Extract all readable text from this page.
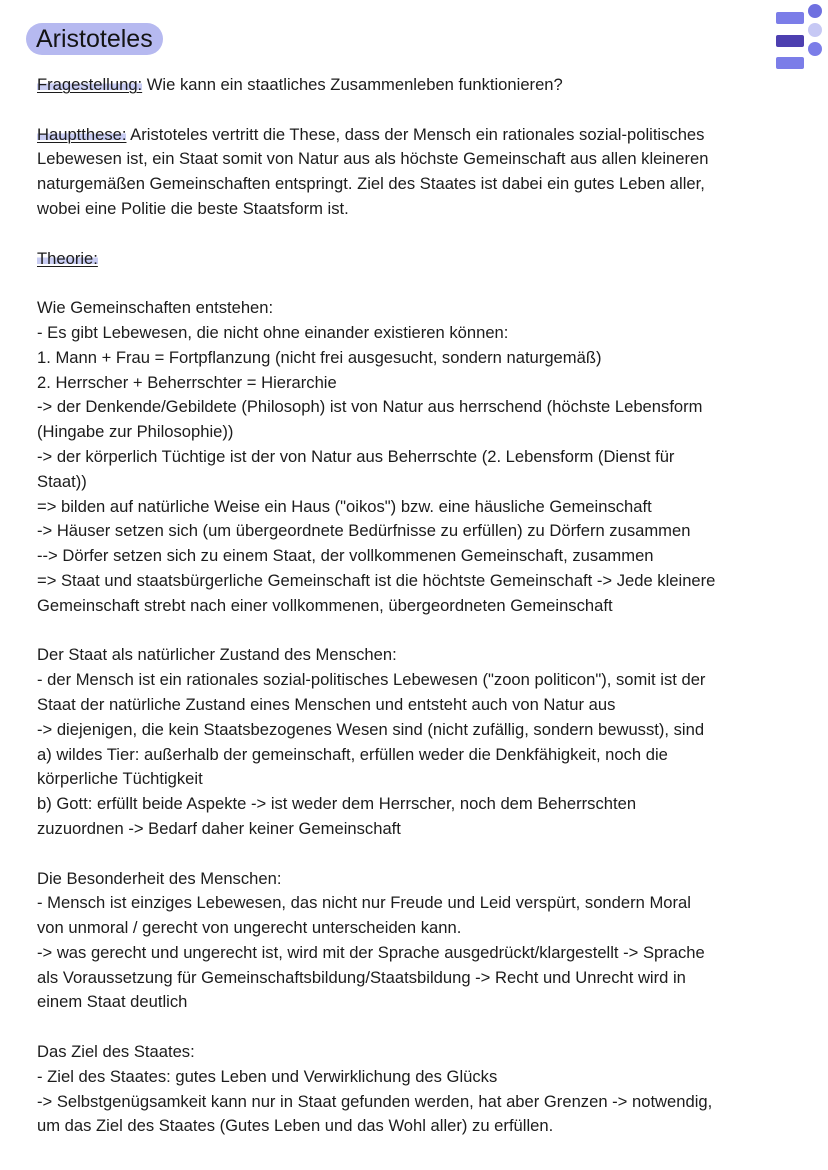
Aristoteles
Fragestellung: Wie kann ein staatliches Zusammenleben funktionieren?
Hauptthese: Aristoteles vertritt die These, dass der Mensch ein rationales sozial-politisches
Lebewesen ist, ein Staat somit von Natur aus als höchste Gemeinschaft aus allen kleineren
naturgemäßen Gemeinschaften entspringt. Ziel des Staates ist dabei ein gutes Leben aller,
wobei eine Politie die beste Staatsform ist.
Theorie:
Wie Gemeinschaften entstehen:
- Es gibt Lebewesen, die nicht ohne einander existieren können:
1. Mann + Frau = Fortpflanzung (nicht frei ausgesucht, sondern naturgemäß)
2. Herrscher + Beherrschter = Hierarchie
-> der Denkende/Gebildete (Philosoph) ist von Natur aus herrschend (höchste Lebensform
(Hingabe zur Philosophie))
-> der körperlich Tüchtige ist der von Natur aus Beherrschte (2. Lebensform (Dienst für
Staat))
=> bilden auf natürliche Weise ein Haus ("oikos") bzw. eine häusliche Gemeinschaft
-> Häuser setzen sich (um übergeordnete Bedürfnisse zu erfüllen) zu Dörfern zusammen
--> Dörfer setzen sich zu einem Staat, der vollkommenen Gemeinschaft, zusammen
=> Staat und staatsbürgerliche Gemeinschaft ist die höchtste Gemeinschaft -> Jede kleinere
Gemeinschaft strebt nach einer vollkommenen, übergeordneten Gemeinschaft
Der Staat als natürlicher Zustand des Menschen:
- der Mensch ist ein rationales sozial-politisches Lebewesen ("zoon politicon"), somit ist der
Staat der natürliche Zustand eines Menschen und entsteht auch von Natur aus
-> diejenigen, die kein Staatsbezogenes Wesen sind (nicht zufällig, sondern bewusst), sind
a) wildes Tier: außerhalb der gemeinschaft, erfüllen weder die Denkfähigkeit, noch die
körperliche Tüchtigkeit
b) Gott: erfüllt beide Aspekte -> ist weder dem Herrscher, noch dem Beherrschten
zuzuordnen -> Bedarf daher keiner Gemeinschaft
Die Besonderheit des Menschen:
- Mensch ist einziges Lebewesen, das nicht nur Freude und Leid verspürt, sondern Moral
von unmoral / gerecht von ungerecht unterscheiden kann.
-> was gerecht und ungerecht ist, wird mit der Sprache ausgedrückt/klargestellt -> Sprache
als Voraussetzung für Gemeinschaftsbildung/Staatsbildung -> Recht und Unrecht wird in
einem Staat deutlich
Das Ziel des Staates:
- Ziel des Staates: gutes Leben und Verwirklichung des Glücks
-> Selbstgenügsamkeit kann nur in Staat gefunden werden, hat aber Grenzen -> notwendig,
um das Ziel des Staates (Gutes Leben und das Wohl aller) zu erfüllen.
